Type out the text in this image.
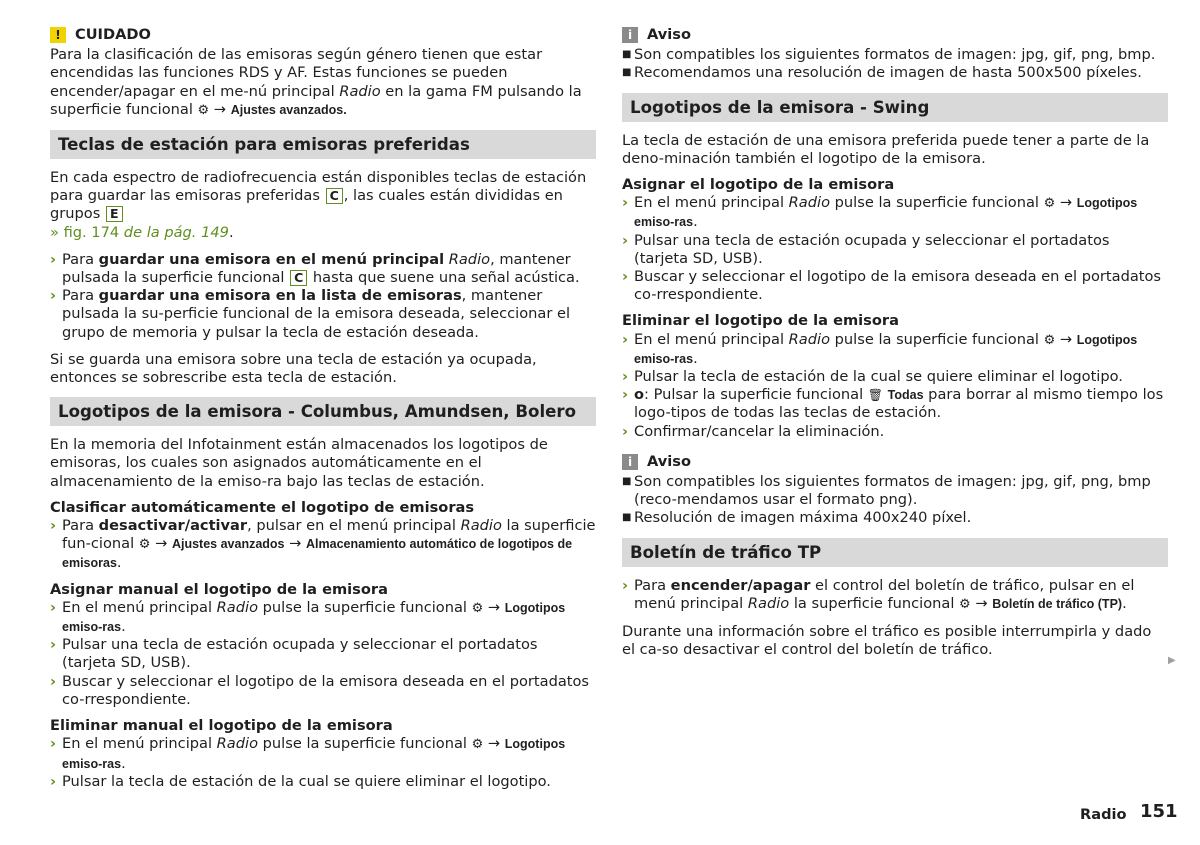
! CUIDADO

Para la clasificación de las emisoras según género tienen que estar encendidas las funciones RDS y AF. Estas funciones se pueden encender/apagar en el me-nú principal Radio en la gama FM pulsando la superficie funcional ⚙ → Ajustes avanzados.

Teclas de estación para emisoras preferidas

En cada espectro de radiofrecuencia están disponibles teclas de estación para guardar las emisoras preferidas C , las cuales están divididas en grupos E
» fig. 174 de la pág. 149.

› Para guardar una emisora en el menú principal Radio, mantener pulsada la superficie funcional C hasta que suene una señal acústica.
› Para guardar una emisora en la lista de emisoras, mantener pulsada la su-perficie funcional de la emisora deseada, seleccionar el grupo de memoria y pulsar la tecla de estación deseada.

Si se guarda una emisora sobre una tecla de estación ya ocupada, entonces se sobrescribe esta tecla de estación.

Logotipos de la emisora - Columbus, Amundsen, Bolero

En la memoria del Infotainment están almacenados los logotipos de emisoras, los cuales son asignados automáticamente en el almacenamiento de la emiso-ra bajo las teclas de estación.

Clasificar automáticamente el logotipo de emisoras
› Para desactivar/activar, pulsar en el menú principal Radio la superficie fun-cional ⚙ → Ajustes avanzados → Almacenamiento automático de logotipos de emisoras.
Asignar manual el logotipo de la emisora
› En el menú principal Radio pulse la superficie funcional ⚙ → Logotipos emiso-ras.
› Pulsar una tecla de estación ocupada y seleccionar el portadatos (tarjeta SD, USB).
› Buscar y seleccionar el logotipo de la emisora deseada en el portadatos co-rrespondiente.
Eliminar manual el logotipo de la emisora
› En el menú principal Radio pulse la superficie funcional ⚙ → Logotipos emiso-ras.
› Pulsar la tecla de estación de la cual se quiere eliminar el logotipo.
i	Aviso
■ Son compatibles los siguientes formatos de imagen: jpg, gif, png, bmp.
■ Recomendamos una resolución de imagen de hasta 500x500 píxeles.
Logotipos de la emisora - Swing

La tecla de estación de una emisora preferida puede tener a parte de la deno-minación también el logotipo de la emisora.

Asignar el logotipo de la emisora
› En el menú principal Radio pulse la superficie funcional ⚙ → Logotipos emiso-ras.
› Pulsar una tecla de estación ocupada y seleccionar el portadatos (tarjeta SD, USB).
› Buscar y seleccionar el logotipo de la emisora deseada en el portadatos co-rrespondiente.
Eliminar el logotipo de la emisora
› En el menú principal Radio pulse la superficie funcional ⚙ → Logotipos emiso-ras.
› Pulsar la tecla de estación de la cual se quiere eliminar el logotipo.
› o: Pulsar la superficie funcional 🗑 Todas para borrar al mismo tiempo los logo-tipos de todas las teclas de estación.
› Confirmar/cancelar la eliminación.
i	Aviso
■ Son compatibles los siguientes formatos de imagen: jpg, gif, png, bmp (reco-mendamos usar el formato png).
■ Resolución de imagen máxima 400x240 píxel.
Boletín de tráfico TP
› Para encender/apagar el control del boletín de tráfico, pulsar en el menú principal Radio la superficie funcional ⚙ → Boletín de tráfico (TP).

Durante una información sobre el tráfico es posible interrumpirla y dado el ca-so desactivar el control del boletín de tráfico.

▶
Radio 151
